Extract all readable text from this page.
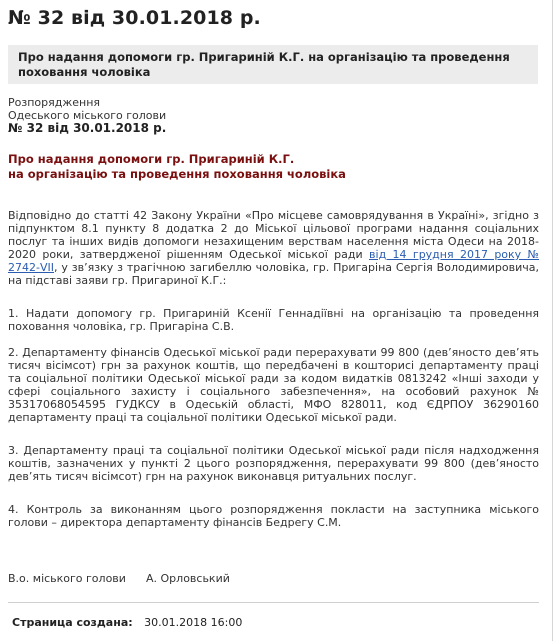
№ 32 від 30.01.2018 р.
Про надання допомоги гр. Пригариній К.Г. на організацію та проведення поховання чоловіка
Розпорядження
Одеського міського голови
№ 32 від 30.01.2018 р.
Про надання допомоги гр. Пригариній К.Г.
на організацію та проведення поховання чоловіка
Відповідно до статті 42 Закону України «Про місцеве самоврядування в Україні», згідно з підпунктом 8.1 пункту 8 додатка 2 до Міської цільової програми надання соціальних послуг та інших видів допомоги незахищеним верствам населення міста Одеси на 2018-2020 роки, затвердженої рішенням Одеської міської ради від 14 грудня 2017 року № 2742-VII, у зв’язку з трагічною загибеллю чоловіка, гр. Пригаріна Сергія Володимировича, на підставі заяви гр. Пригариної К.Г.:
1. Надати допомогу гр. Пригариній Ксенії Геннадіївні на організацію та проведення поховання чоловіка, гр. Пригаріна С.В.
2. Департаменту фінансів Одеської міської ради перерахувати 99 800 (дев’яносто дев’ять тисяч вісімсот) грн за рахунок коштів, що передбачені в кошторисі департаменту праці та соціальної політики Одеської міської ради за кодом видатків 0813242 «Інші заходи у сфері соціального захисту і соціального забезпечення», на особовий рахунок № 35317068054595 ГУДКСУ в Одеській області, МФО 828011, код ЄДРПОУ 36290160 департаменту праці та соціальної політики Одеської міської ради.
3. Департаменту праці та соціальної політики Одеської міської ради після надходження коштів, зазначених у пункті 2 цього розпорядження, перерахувати 99 800 (дев’яносто дев’ять тисяч вісімсот) грн на рахунок виконавця ритуальних послуг.
4. Контроль за виконанням цього розпорядження покласти на заступника міського голови – директора департаменту фінансів Бедрегу С.М.
В.о. міського голови А. Орловський
Страница создана: 30.01.2018 16:00
